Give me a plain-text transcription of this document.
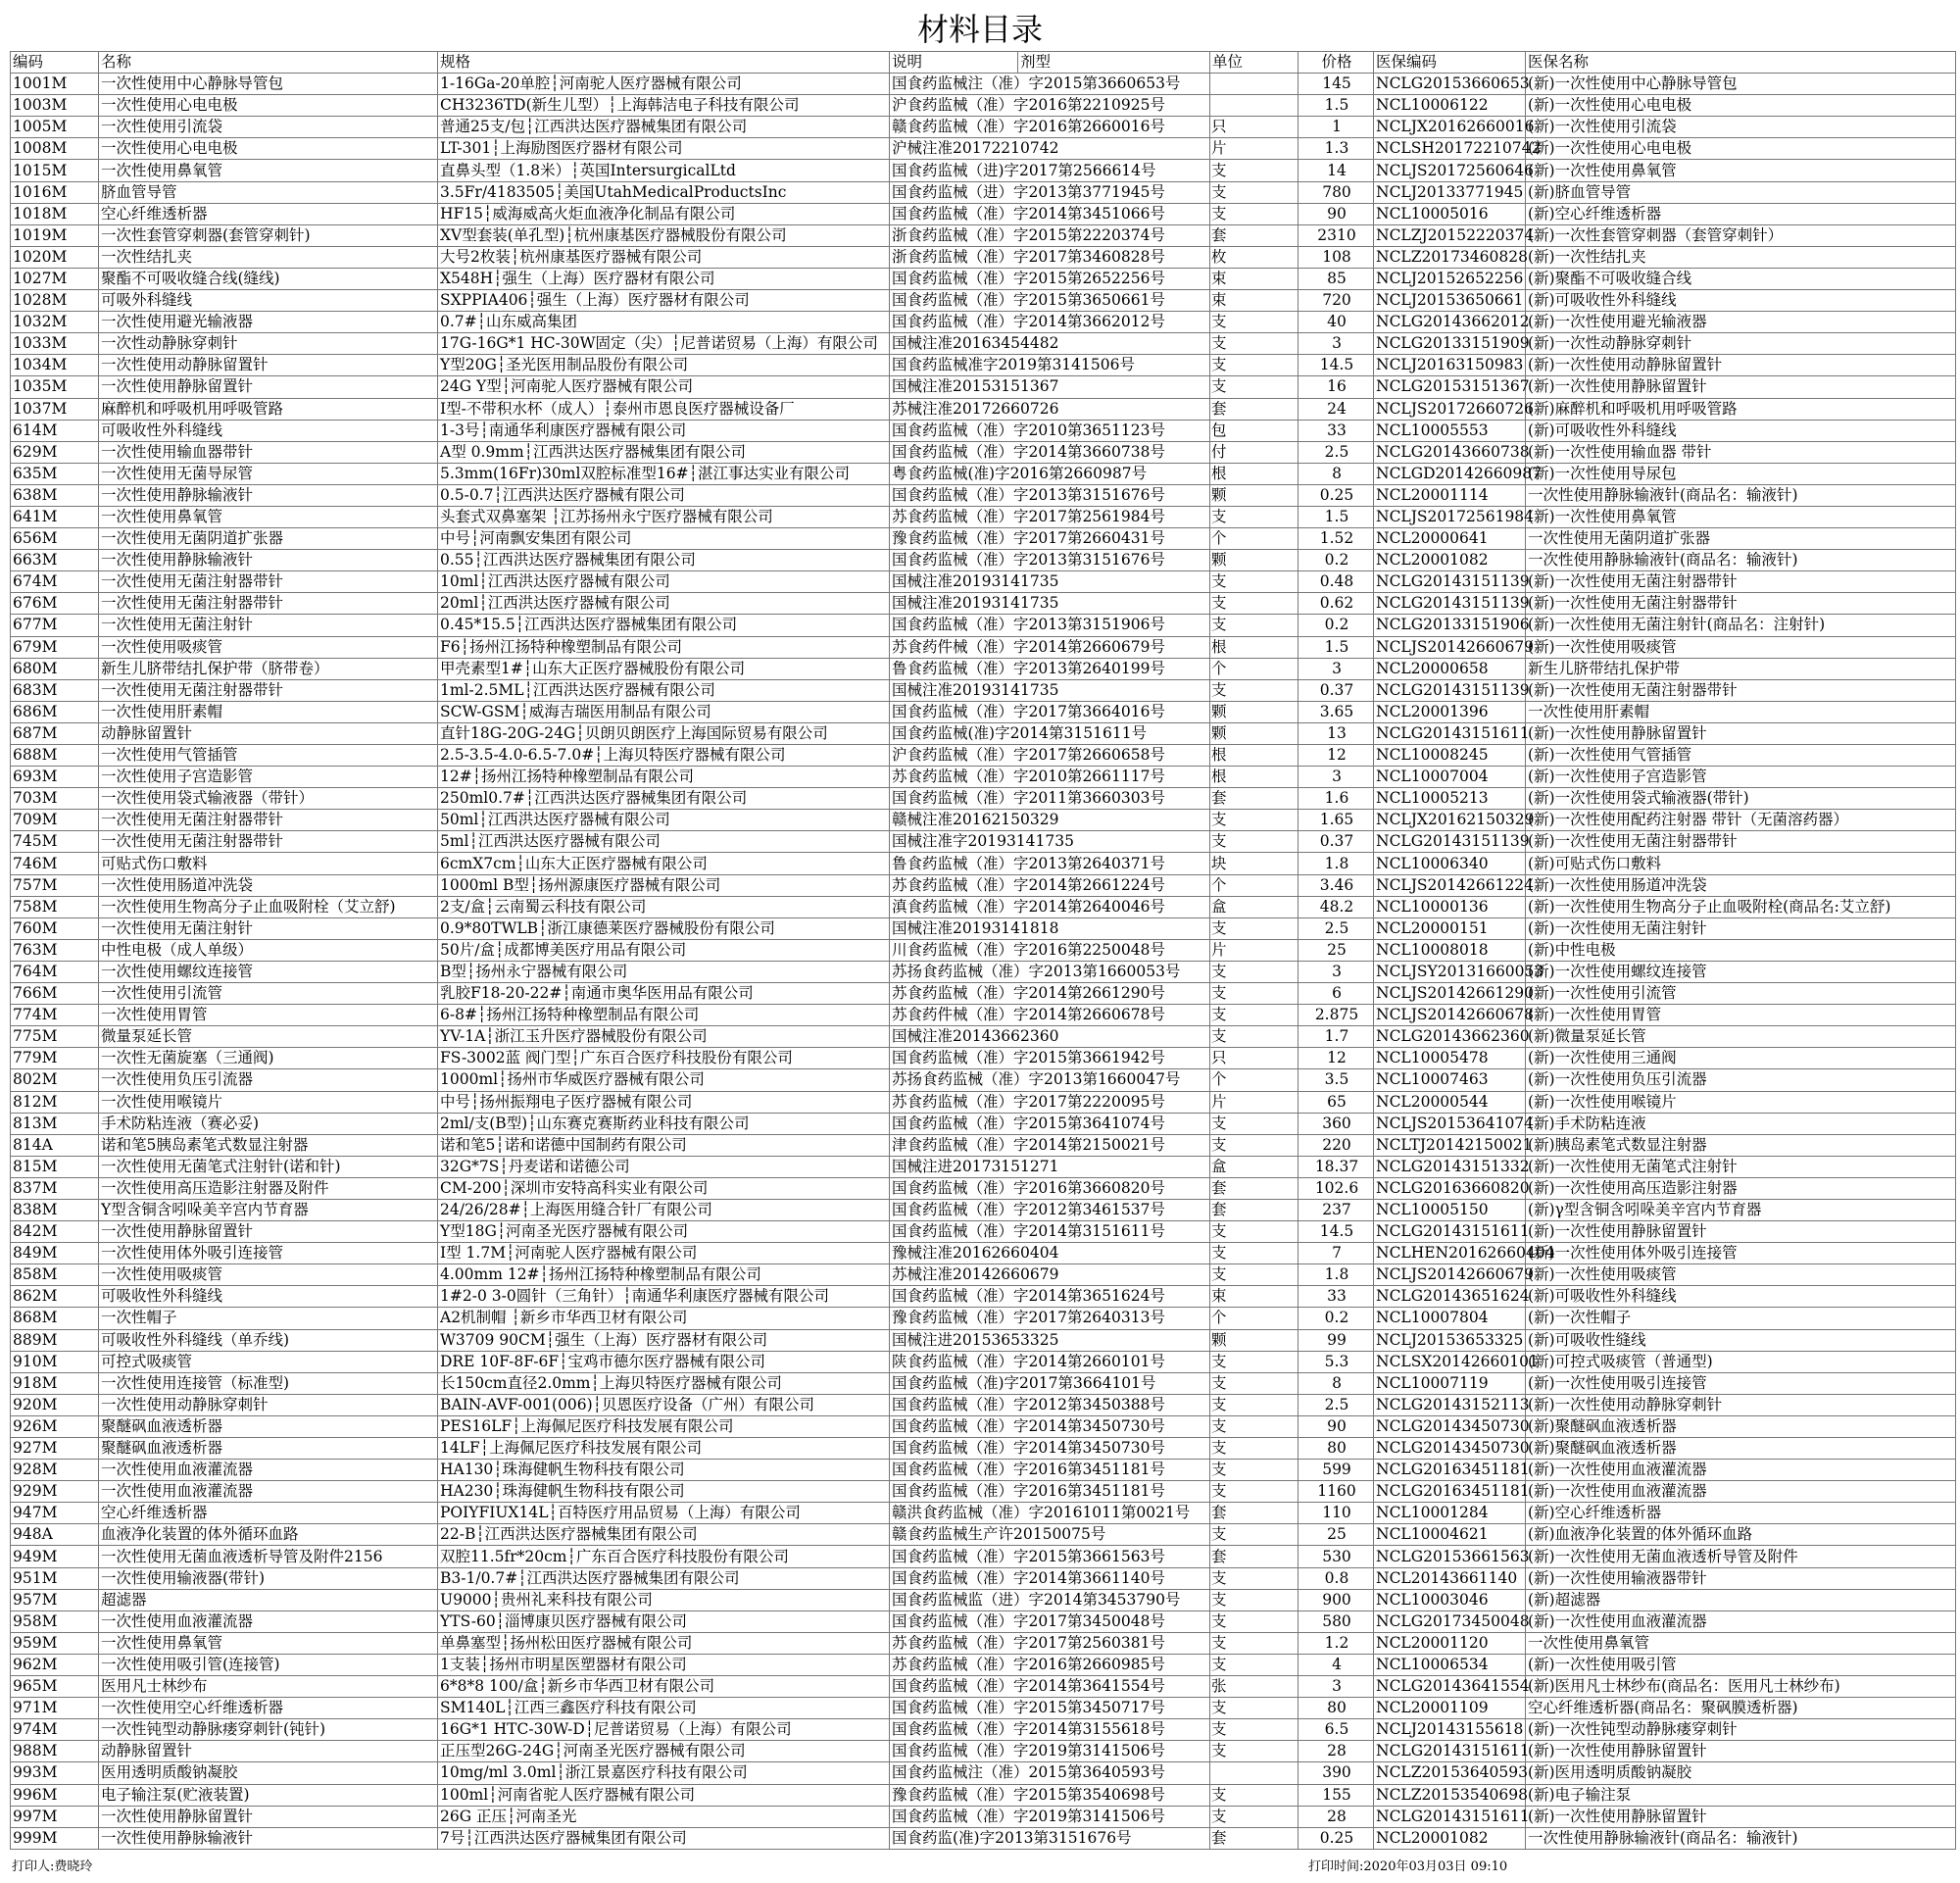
材料目录
编码	名称	规格	说明	剂型	单位	价格	医保编码	医保名称
1001M	一次性使用中心静脉导管包	1-16Ga-20单腔┆河南驼人医疗器械有限公司	国食药监械注（准）字2015第3660653号			145	NCLG20153660653	(新)一次性使用中心静脉导管包
1003M	一次性使用心电电极	CH3236TD(新生儿型）┆上海韩洁电子科技有限公司	沪食药监械（准）字2016第2210925号			1.5	NCL10006122	(新)一次性使用心电电极
1005M	一次性使用引流袋	普通25支/包┆江西洪达医疗器械集团有限公司	赣食药监械（准）字2016第2660016号		只	1	NCLJX20162660016	(新)一次性使用引流袋
1008M	一次性使用心电电极	LT-301┆上海励图医疗器材有限公司	沪械注准20172210742		片	1.3	NCLSH20172210742	(新)一次性使用心电电极
1015M	一次性使用鼻氧管	直鼻头型（1.8米）┆英国IntersurgicalLtd	国食药监械（进)字2017第2566614号		支	14	NCLJS20172560646	(新)一次性使用鼻氧管
1016M	脐血管导管	3.5Fr/4183505┆美国UtahMedicalProductsInc	国食药监械（进）字2013第3771945号		支	780	NCLJ20133771945	(新)脐血管导管
1018M	空心纤维透析器	HF15┆威海威高火炬血液净化制品有限公司	国食药监械（准）字2014第3451066号		支	90	NCL10005016	(新)空心纤维透析器
1019M	一次性套管穿刺器(套管穿刺针)	XV型套装(单孔型)┆杭州康基医疗器械股份有限公司	浙食药监械（准）字2015第2220374号		套	2310	NCLZJ20152220374	(新)一次性套管穿刺器（套管穿刺针）
1020M	一次性结扎夹	大号2枚装┆杭州康基医疗器械有限公司	浙食药监械（准）字2017第3460828号		枚	108	NCLZ20173460828	(新)一次性结扎夹
1027M	聚酯不可吸收缝合线(缝线)	X548H┆强生（上海）医疗器材有限公司	国食药监械（准）字2015第2652256号		束	85	NCLJ20152652256	(新)聚酯不可吸收缝合线
1028M	可吸外科缝线	SXPPIA406┆强生（上海）医疗器材有限公司	国食药监械（准）字2015第3650661号		束	720	NCLJ20153650661	(新)可吸收性外科缝线
1032M	一次性使用避光输液器	0.7#┆山东威高集团	国食药监械（准）字2014第3662012号		支	40	NCLG20143662012	(新)一次性使用避光输液器
1033M	一次性动静脉穿刺针	17G-16G*1 HC-30W固定（尖）┆尼普诺贸易（上海）有限公司	国械注准20163454482		支	3	NCLG20133151909	(新)一次性动静脉穿刺针
1034M	一次性使用动静脉留置针	Y型20G┆圣光医用制品股份有限公司	国食药监械准字2019第3141506号		支	14.5	NCLJ20163150983	(新)一次性使用动静脉留置针
1035M	一次性使用静脉留置针	24G Y型┆河南驼人医疗器械有限公司	国械注准20153151367		支	16	NCLG20153151367	(新)一次性使用静脉留置针
1037M	麻醉机和呼吸机用呼吸管路	I型-不带积水杯（成人）┆泰州市恩良医疗器械设备厂	苏械注准20172660726		套	24	NCLJS20172660726	(新)麻醉机和呼吸机用呼吸管路
614M	可吸收性外科缝线	1-3号┆南通华利康医疗器械有限公司	国食药监械（准）字2010第3651123号		包	33	NCL10005553	(新)可吸收性外科缝线
629M	一次性使用输血器带针	A型 0.9mm┆江西洪达医疗器械集团有限公司	国食药监械（准）字2014第3660738号		付	2.5	NCLG20143660738	(新)一次性使用输血器 带针
635M	一次性使用无菌导尿管	5.3mm(16Fr)30ml双腔标准型16#┆湛江事达实业有限公司	粤食药监械(准)字2016第2660987号		根	8	NCLGD20142660987	(新)一次性使用导尿包
638M	一次性使用静脉输液针	0.5-0.7┆江西洪达医疗器械有限公司	国食药监械（准）字2013第3151676号		颗	0.25	NCL20001114	一次性使用静脉输液针(商品名：输液针)
641M	一次性使用鼻氧管	头套式双鼻塞架 ┆江苏扬州永宁医疗器械有限公司	苏食药监械（准）字2017第2561984号		支	1.5	NCLJS20172561984	(新)一次性使用鼻氧管
656M	一次性使用无菌阴道扩张器	中号┆河南飘安集团有限公司	豫食药监械（准）字2017第2660431号		个	1.52	NCL20000641	一次性使用无菌阴道扩张器
663M	一次性使用静脉输液针	0.55┆江西洪达医疗器械集团有限公司	国食药监械（准）字2013第3151676号		颗	0.2	NCL20001082	一次性使用静脉输液针(商品名：输液针)
674M	一次性使用无菌注射器带针	10ml┆江西洪达医疗器械有限公司	国械注准20193141735		支	0.48	NCLG20143151139	(新)一次性使用无菌注射器带针
676M	一次性使用无菌注射器带针	20ml┆江西洪达医疗器械有限公司	国械注准20193141735		支	0.62	NCLG20143151139	(新)一次性使用无菌注射器带针
677M	一次性使用无菌注射针	0.45*15.5┆江西洪达医疗器械集团有限公司	国食药监械（准）字2013第3151906号		支	0.2	NCLG20133151906	(新)一次性使用无菌注射针(商品名：注射针)
679M	一次性使用吸痰管	F6┆扬州江扬特种橡塑制品有限公司	苏食药件械（准）字2014第2660679号		根	1.5	NCLJS20142660679	(新)一次性使用吸痰管
680M	新生儿脐带结扎保护带（脐带卷）	甲壳素型1#┆山东大正医疗器械股份有限公司	鲁食药监械（准）字2013第2640199号		个	3	NCL20000658	新生儿脐带结扎保护带
683M	一次性使用无菌注射器带针	1ml-2.5ML┆江西洪达医疗器械有限公司	国械注准20193141735		支	0.37	NCLG20143151139	(新)一次性使用无菌注射器带针
686M	一次性使用肝素帽	SCW-GSM┆威海吉瑞医用制品有限公司	国食药监械（准）字2017第3664016号		颗	3.65	NCL20001396	一次性使用肝素帽
687M	动静脉留置针	直针18G-20G-24G┆贝朗贝朗医疗上海国际贸易有限公司	国食药监械(准)字2014第3151611号		颗	13	NCLG20143151611	(新)一次性使用静脉留置针
688M	一次性使用气管插管	2.5-3.5-4.0-6.5-7.0#┆上海贝特医疗器械有限公司	沪食药监械（准）字2017第2660658号		根	12	NCL10008245	(新)一次性使用气管插管
693M	一次性使用子宫造影管	12#┆扬州江扬特种橡塑制品有限公司	苏食药监械（准）字2010第2661117号		根	3	NCL10007004	(新)一次性使用子宫造影管
703M	一次性使用袋式输液器（带针）	250ml0.7#┆江西洪达医疗器械集团有限公司	国食药监械（准）字2011第3660303号		套	1.6	NCL10005213	(新)一次性使用袋式输液器(带针)
709M	一次性使用无菌注射器带针	50ml┆江西洪达医疗器械有限公司	赣械注准20162150329		支	1.65	NCLJX20162150329	(新)一次性使用配药注射器 带针（无菌溶药器）
745M	一次性使用无菌注射器带针	5ml┆江西洪达医疗器械有限公司	国械注准字20193141735		支	0.37	NCLG20143151139	(新)一次性使用无菌注射器带针
746M	可贴式伤口敷料	6cmX7cm┆山东大正医疗器械有限公司	鲁食药监械（准）字2013第2640371号		块	1.8	NCL10006340	(新)可贴式伤口敷料
757M	一次性使用肠道冲洗袋	1000ml B型┆扬州源康医疗器械有限公司	苏食药监械（准）字2014第2661224号		个	3.46	NCLJS20142661224	(新)一次性使用肠道冲洗袋
758M	一次性使用生物高分子止血吸附栓（艾立舒)	2支/盒┆云南蜀云科技有限公司	滇食药监械（准）字2014第2640046号		盒	48.2	NCL10000136	(新)一次性使用生物高分子止血吸附栓(商品名:艾立舒)
760M	一次性使用无菌注射针	0.9*80TWLB┆浙江康德莱医疗器械股份有限公司	国械注准20193141818		支	2.5	NCL20000151	(新)一次性使用无菌注射针
763M	中性电极（成人单级）	50片/盒┆成都博美医疗用品有限公司	川食药监械（准）字2016第2250048号		片	25	NCL10008018	(新)中性电极
764M	一次性使用螺纹连接管	B型┆扬州永宁器械有限公司	苏扬食药监械（准）字2013第1660053号		支	3	NCLJSY20131660053	(新)一次性使用螺纹连接管
766M	一次性使用引流管	乳胶F18-20-22#┆南通市奥华医用品有限公司	苏食药监械（准）字2014第2661290号		支	6	NCLJS20142661290	(新)一次性使用引流管
774M	一次性使用胃管	6-8#┆扬州江扬特种橡塑制品有限公司	苏食药件械（准）字2014第2660678号		支	2.875	NCLJS20142660678	(新)一次性使用胃管
775M	微量泵延长管	YV-1A┆浙江玉升医疗器械股份有限公司	国械注准20143662360		支	1.7	NCLG20143662360	(新)微量泵延长管
779M	一次性无菌旋塞（三通阀)	FS-3002蓝 阀门型┆广东百合医疗科技股份有限公司	国食药监械（准）字2015第3661942号		只	12	NCL10005478	(新)一次性使用三通阀
802M	一次性使用负压引流器	1000ml┆扬州市华威医疗器械有限公司	苏扬食药监械（准）字2013第1660047号		个	3.5	NCL10007463	(新)一次性使用负压引流器
812M	一次性使用喉镜片	中号┆扬州振翔电子医疗器械有限公司	苏食药监械（准）字2017第2220095号		片	65	NCL20000544	(新)一次性使用喉镜片
813M	手术防粘连液（赛必妥)	2ml/支(B型)┆山东赛克赛斯药业科技有限公司	国食药监械（准）字2015第3641074号		支	360	NCLJS20153641074	(新)手术防粘连液
814A	诺和笔5胰岛素笔式数显注射器	诺和笔5┆诺和诺德中国制药有限公司	津食药监械（准）字2014第2150021号		支	220	NCLTJ20142150021	(新)胰岛素笔式数显注射器
815M	一次性使用无菌笔式注射针(诺和针)	32G*7S┆丹麦诺和诺德公司	国械注进20173151271		盒	18.37	NCLG20143151332	(新)一次性使用无菌笔式注射针
837M	一次性使用高压造影注射器及附件	CM-200┆深圳市安特高科实业有限公司	国食药监械（准）字2016第3660820号		套	102.6	NCLG20163660820	(新)一次性使用高压造影注射器
838M	Y型含铜含吲哚美辛宫内节育器	24/26/28#┆上海医用缝合针厂有限公司	国食药监械（准）字2012第3461537号		套	237	NCL10005150	(新)γ型含铜含吲哚美辛宫内节育器
842M	一次性使用静脉留置针	Y型18G┆河南圣光医疗器械有限公司	国食药监械（准）字2014第3151611号		支	14.5	NCLG20143151611	(新)一次性使用静脉留置针
849M	一次性使用体外吸引连接管	I型 1.7M┆河南驼人医疗器械有限公司	豫械注准20162660404		支	7	NCLHEN20162660404	(新)一次性使用体外吸引连接管
858M	一次性使用吸痰管	4.00mm 12#┆扬州江扬特种橡塑制品有限公司	苏械注准20142660679		支	1.8	NCLJS20142660679	(新)一次性使用吸痰管
862M	可吸收性外科缝线	1#2-0 3-0圆针（三角针）┆南通华利康医疗器械有限公司	国食药监械（准）字2014第3651624号		束	33	NCLG20143651624	(新)可吸收性外科缝线
868M	一次性帽子	A2机制帽 ┆新乡市华西卫材有限公司	豫食药监械（准）字2017第2640313号		个	0.2	NCL10007804	(新)一次性帽子
889M	可吸收性外科缝线（单乔线)	W3709 90CM┆强生（上海）医疗器材有限公司	国械注进20153653325		颗	99	NCLJ20153653325	(新)可吸收性缝线
910M	可控式吸痰管	DRE 10F-8F-6F┆宝鸡市德尔医疗器械有限公司	陕食药监械（准）字2014第2660101号		支	5.3	NCLSX20142660101	(新)可控式吸痰管（普通型)
918M	一次性使用连接管（标准型)	长150cm直径2.0mm┆上海贝特医疗器械有限公司	国食药监械（准)字2017第3664101号		支	8	NCL10007119	(新)一次性使用吸引连接管
920M	一次性使用动静脉穿刺针	BAIN-AVF-001(006)┆贝恩医疗设备（广州）有限公司	国食药监械（准）字2012第3450388号		支	2.5	NCLG20143152113	(新)一次性使用动静脉穿刺针
926M	聚醚砜血液透析器	PES16LF┆上海佩尼医疗科技发展有限公司	国食药监械（准）字2014第3450730号		支	90	NCLG20143450730	(新)聚醚砜血液透析器
927M	聚醚砜血液透析器	14LF┆上海佩尼医疗科技发展有限公司	国食药监械（准）字2014第3450730号		支	80	NCLG20143450730	(新)聚醚砜血液透析器
928M	一次性使用血液灌流器	HA130┆珠海健帆生物科技有限公司	国食药监械（准）字2016第3451181号		支	599	NCLG20163451181	(新)一次性使用血液灌流器
929M	一次性使用血液灌流器	HA230┆珠海健帆生物科技有限公司	国食药监械（准）字2016第3451181号		支	1160	NCLG20163451181	(新)一次性使用血液灌流器
947M	空心纤维透析器	POIYFIUX14L┆百特医疗用品贸易（上海）有限公司	赣洪食药监械（准）字20161011第0021号		套	110	NCL10001284	(新)空心纤维透析器
948A	血液净化装置的体外循环血路	22-B┆江西洪达医疗器械集团有限公司	赣食药监械生产许20150075号		支	25	NCL10004621	(新)血液净化装置的体外循环血路
949M	一次性使用无菌血液透析导管及附件2156	双腔11.5fr*20cm┆广东百合医疗科技股份有限公司	国食药监械（准）字2015第3661563号		套	530	NCLG20153661563	(新)一次性使用无菌血液透析导管及附件
951M	一次性使用输液器(带针)	B3-1/0.7#┆江西洪达医疗器械集团有限公司	国食药监械（准）字2014第3661140号		支	0.8	NCL20143661140	(新)一次性使用输液器带针
957M	超滤器	U9000┆贵州礼来科技有限公司	国食药监械监（进）字2014第3453790号		支	900	NCL10003046	(新)超滤器
958M	一次性使用血液灌流器	YTS-60┆淄博康贝医疗器械有限公司	国食药监械（准）字2017第3450048号		支	580	NCLG20173450048	(新)一次性使用血液灌流器
959M	一次性使用鼻氧管	单鼻塞型┆扬州松田医疗器械有限公司	苏食药监械（准）字2017第2560381号		支	1.2	NCL20001120	一次性使用鼻氧管
962M	一次性使用吸引管(连接管)	1支装┆扬州市明星医塑器材有限公司	苏食药监械（准）字2016第2660985号		支	4	NCL10006534	(新)一次性使用吸引管
965M	医用凡士林纱布	6*8*8 100/盒┆新乡市华西卫材有限公司	国食药监械（准）字2014第3641554号		张	3	NCLG20143641554	(新)医用凡士林纱布(商品名：医用凡士林纱布)
971M	一次性使用空心纤维透析器	SM140L┆江西三鑫医疗科技有限公司	国食药监械（准）字2015第3450717号		支	80	NCL20001109	空心纤维透析器(商品名：聚砜膜透析器)
974M	一次性钝型动静脉瘘穿刺针(钝针)	16G*1 HTC-30W-D┆尼普诺贸易（上海）有限公司	国食药监械（准）字2014第3155618号		支	6.5	NCLJ20143155618	(新)一次性钝型动静脉瘘穿刺针
988M	动静脉留置针	正压型26G-24G┆河南圣光医疗器械有限公司	国食药监械（准）字2019第3141506号		支	28	NCLG20143151611	(新)一次性使用静脉留置针
993M	医用透明质酸钠凝胶	10mg/ml 3.0ml┆浙江景嘉医疗科技有限公司	国食药监械注（准）2015第3640593号			390	NCLZ20153640593	(新)医用透明质酸钠凝胶
996M	电子输注泵(贮液装置)	100ml┆河南省驼人医疗器械有限公司	豫食药监械（准）字2015第3540698号		支	155	NCLZ20153540698	(新)电子输注泵
997M	一次性使用静脉留置针	26G 正压┆河南圣光	国食药监械（准）字2019第3141506号		支	28	NCLG20143151611	(新)一次性使用静脉留置针
999M	一次性使用静脉输液针	7号┆江西洪达医疗器械集团有限公司	国食药监(准)字2013第3151676号		套	0.25	NCL20001082	一次性使用静脉输液针(商品名：输液针)
打印人:费晓玲	打印时间:2020年03月03日 09:10
